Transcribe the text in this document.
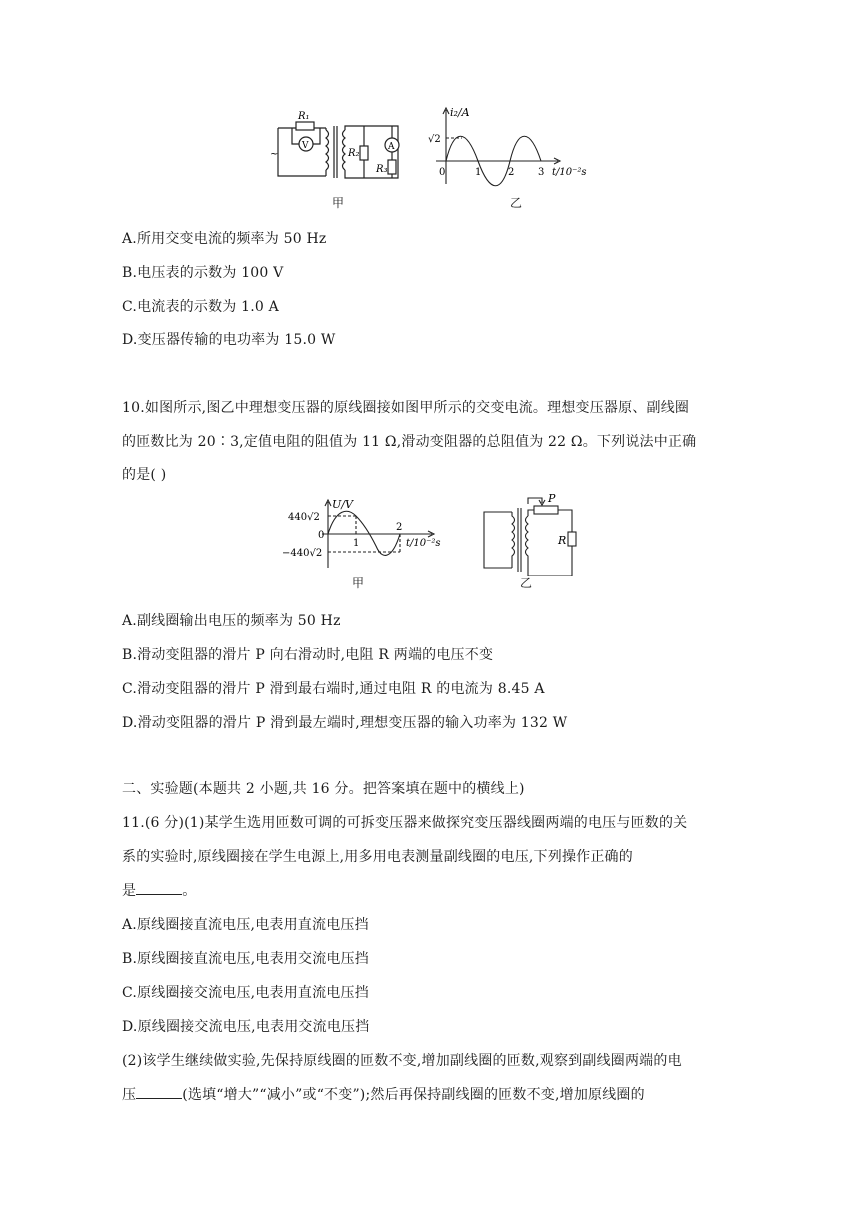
R₁
V
~	R₂
A
R₃
甲
i₂/A
√2
0	1	2 3 t/10⁻²s
乙
A.所用交变电流的频率为 50 Hz
B.电压表的示数为 100 V
C.电流表的示数为 1.0 A
D.变压器传输的电功率为 15.0 W
10.如图所示,图乙中理想变压器的原线圈接如图甲所示的交变电流。理想变压器原、副线圈
的匝数比为 20∶3,定值电阻的阻值为 11 Ω,滑动变阻器的总阻值为 22 Ω。下列说法中正确
的是( )
U/V
440√2
0
−440√2
1
2
t/10⁻²s
甲
P
R
乙
A.副线圈输出电压的频率为 50 Hz
B.滑动变阻器的滑片 P 向右滑动时,电阻 R 两端的电压不变
C.滑动变阻器的滑片 P 滑到最右端时,通过电阻 R 的电流为 8.45 A
D.滑动变阻器的滑片 P 滑到最左端时,理想变压器的输入功率为 132 W
二、实验题(本题共 2 小题,共 16 分。把答案填在题中的横线上)
11.(6 分)(1)某学生选用匝数可调的可拆变压器来做探究变压器线圈两端的电压与匝数的关
系的实验时,原线圈接在学生电源上,用多用电表测量副线圈的电压,下列操作正确的
是	。
A.原线圈接直流电压,电表用直流电压挡
B.原线圈接直流电压,电表用交流电压挡
C.原线圈接交流电压,电表用直流电压挡
D.原线圈接交流电压,电表用交流电压挡
(2)该学生继续做实验,先保持原线圈的匝数不变,增加副线圈的匝数,观察到副线圈两端的电
压	(选填“增大”“减小”或“不变”);然后再保持副线圈的匝数不变,增加原线圈的
